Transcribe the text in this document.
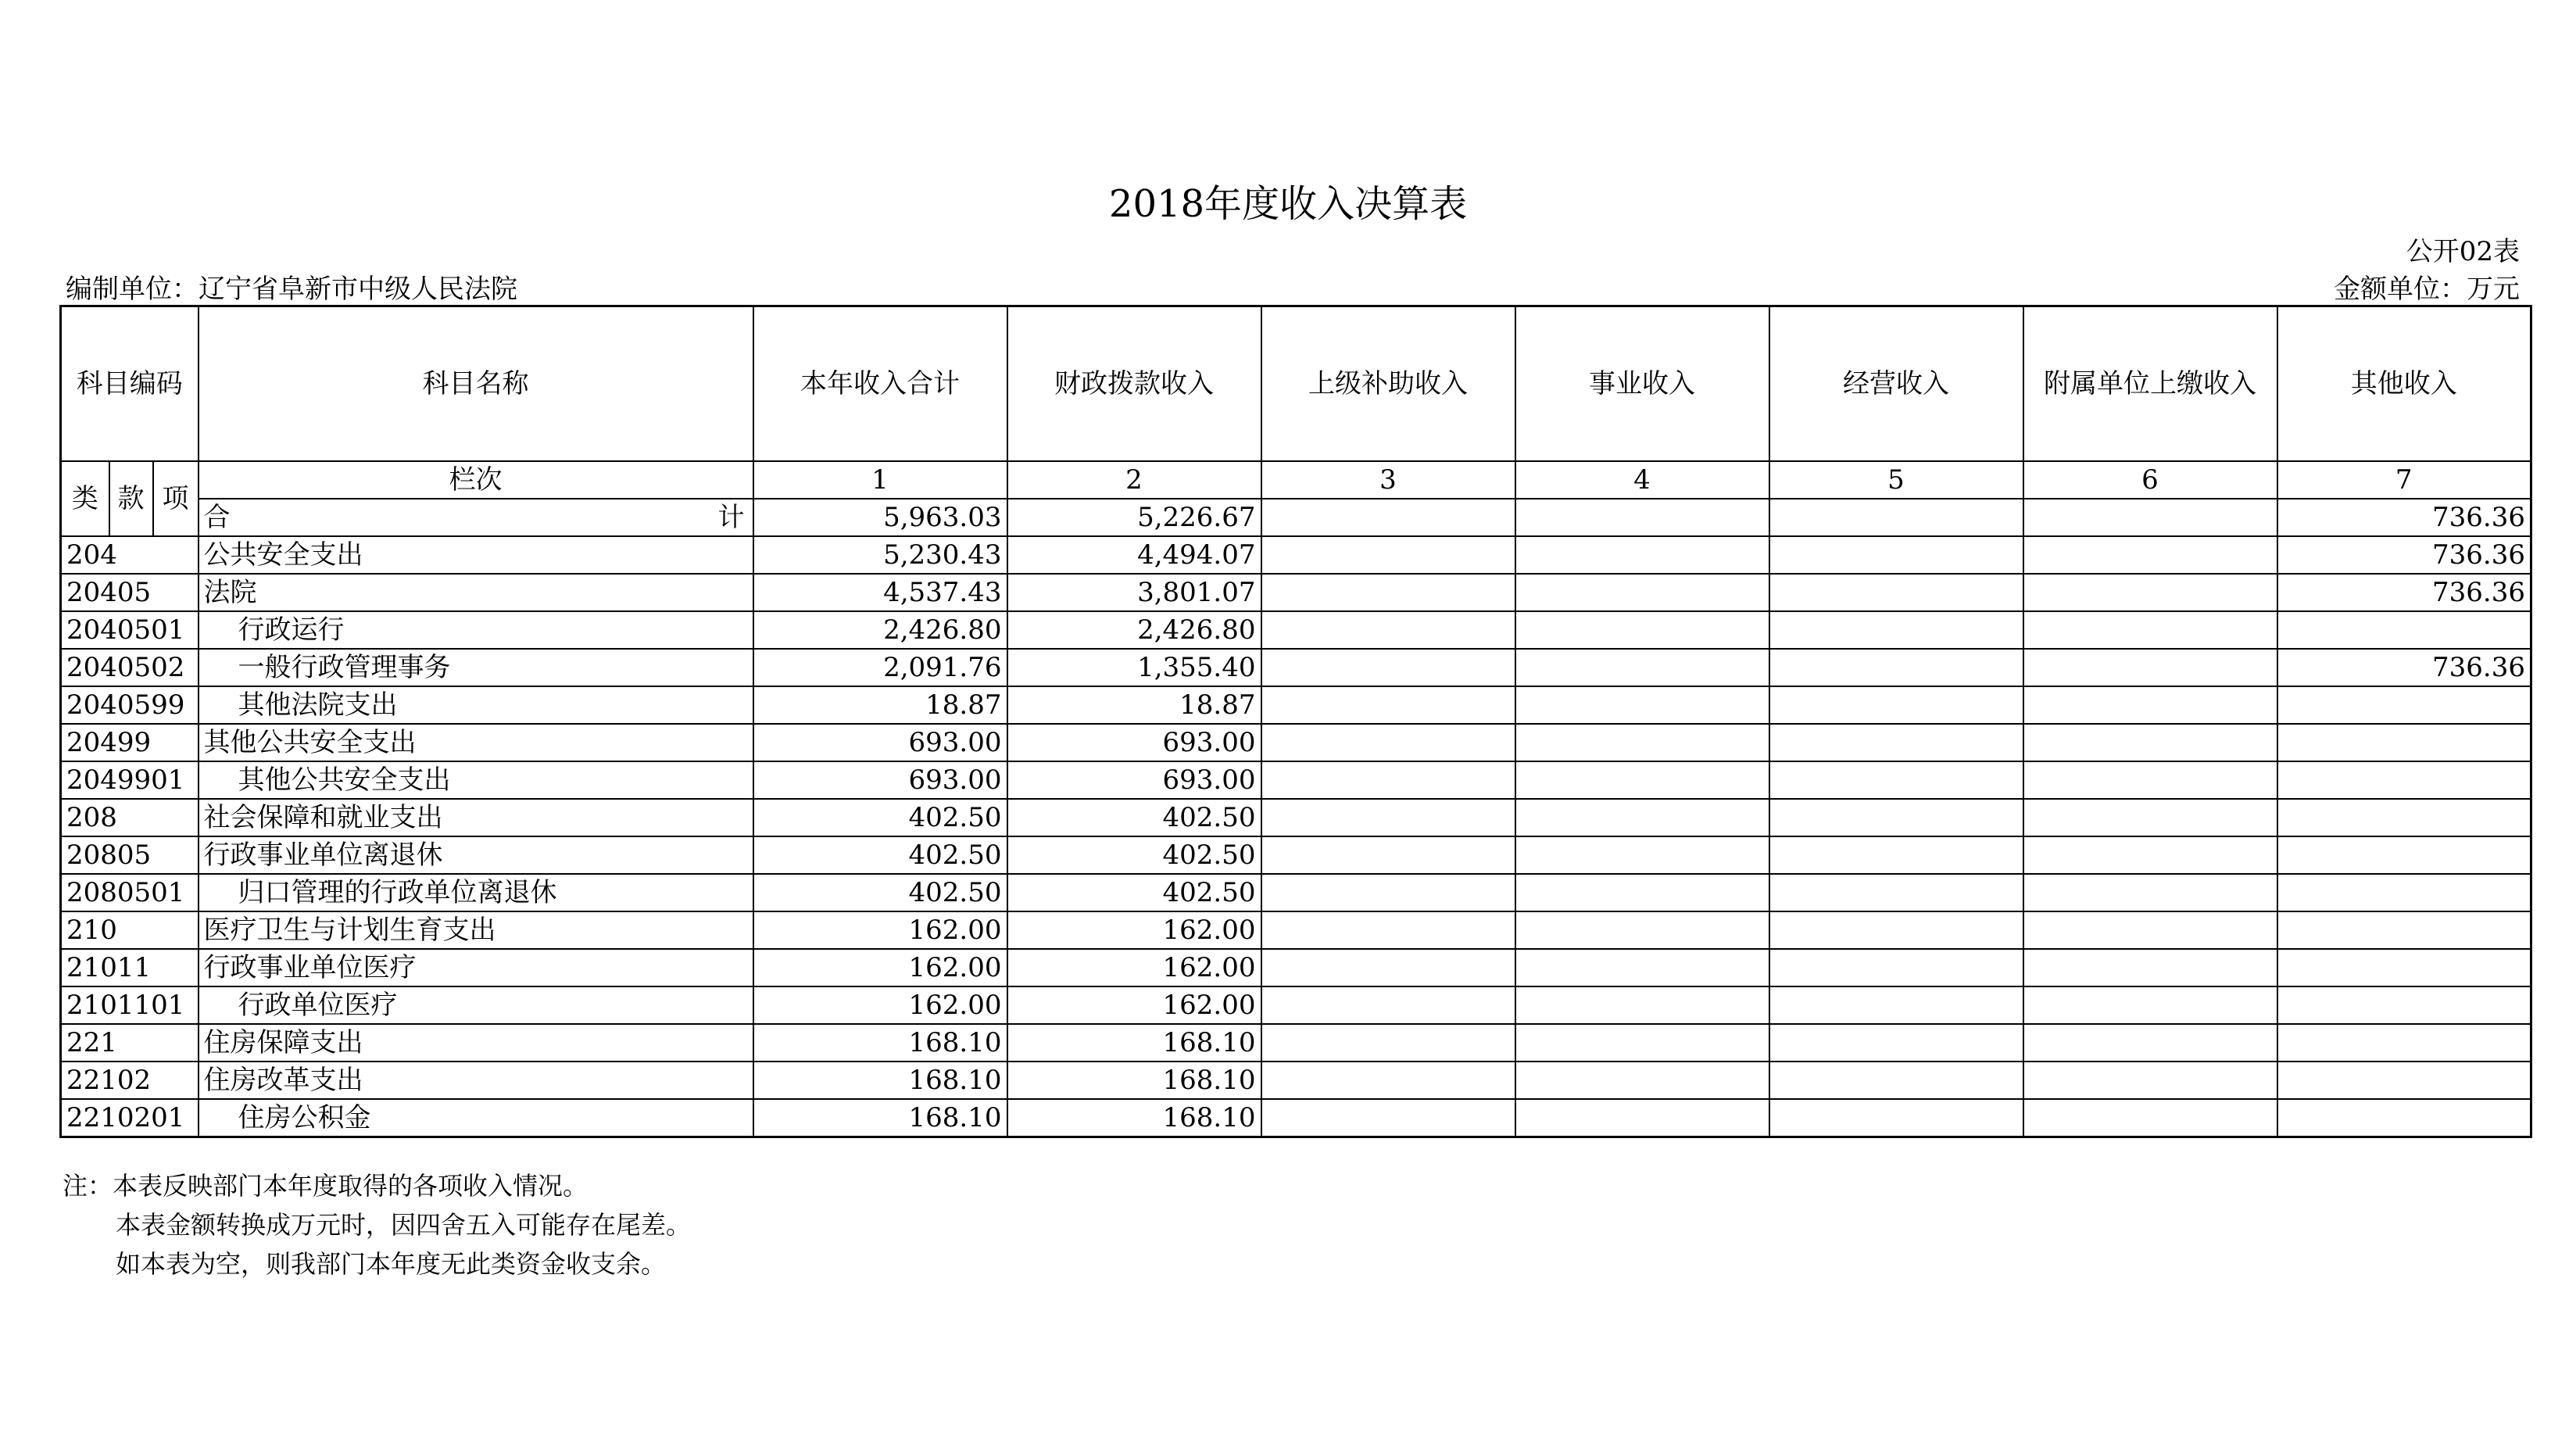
2018年度收入决算表
公开02表
编制单位：辽宁省阜新市中级人民法院	金额单位：万元
科目编码			科目名称	本年收入合计	财政拨款收入	上级补助收入	事业收入	经营收入	附属单位上缴收入	其他收入
类	款	项	栏次	1	2	3	4	5	6	7

			合 计	5,963.03	5,226.67					736.36
204			公共安全支出	5,230.43	4,494.07					736.36
20405			法院	4,537.43	3,801.07					736.36
2040501			行政运行	2,426.80	2,426.80					
2040502			一般行政管理事务	2,091.76	1,355.40					736.36
2040599			其他法院支出	18.87	18.87					
20499			其他公共安全支出	693.00	693.00					
2049901			其他公共安全支出	693.00	693.00					
208			社会保障和就业支出	402.50	402.50					
20805			行政事业单位离退休	402.50	402.50					
2080501			归口管理的行政单位离退休	402.50	402.50					
210			医疗卫生与计划生育支出	162.00	162.00					
21011			行政事业单位医疗	162.00	162.00					
2101101			行政单位医疗	162.00	162.00					
221			住房保障支出	168.10	168.10					
22102			住房改革支出	168.10	168.10					
2210201			住房公积金	168.10	168.10					
注：本表反映部门本年度取得的各项收入情况。
本表金额转换成万元时，因四舍五入可能存在尾差。
如本表为空，则我部门本年度无此类资金收支余。
